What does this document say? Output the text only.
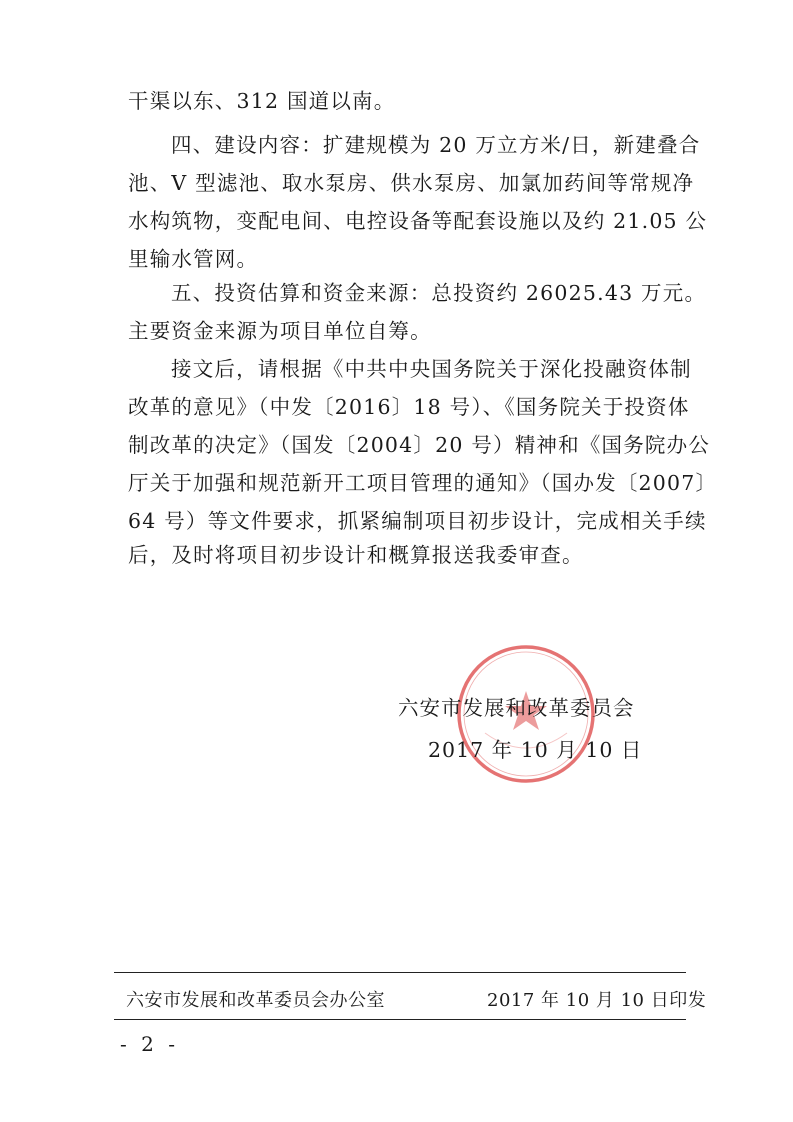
干渠以东、312 国道以南。
四、建设内容：扩建规模为 20 万立方米/日，新建叠合
池、V 型滤池、取水泵房、供水泵房、加氯加药间等常规净
水构筑物，变配电间、电控设备等配套设施以及约 21.05 公
里输水管网。
五、投资估算和资金来源：总投资约 26025.43 万元。
主要资金来源为项目单位自筹。
接文后，请根据《中共中央国务院关于深化投融资体制
改革的意见》（中发〔2016〕18 号）、《国务院关于投资体
制改革的决定》（国发〔2004〕20 号）精神和《国务院办公
厅关于加强和规范新开工项目管理的通知》（国办发〔2007〕
64 号）等文件要求，抓紧编制项目初步设计，完成相关手续
后，及时将项目初步设计和概算报送我委审查。
六安市发展和改革委员会
2017 年 10 月 10 日
六安市发展和改革委员会办公室	2017 年 10 月 10 日印发
- 2 -
